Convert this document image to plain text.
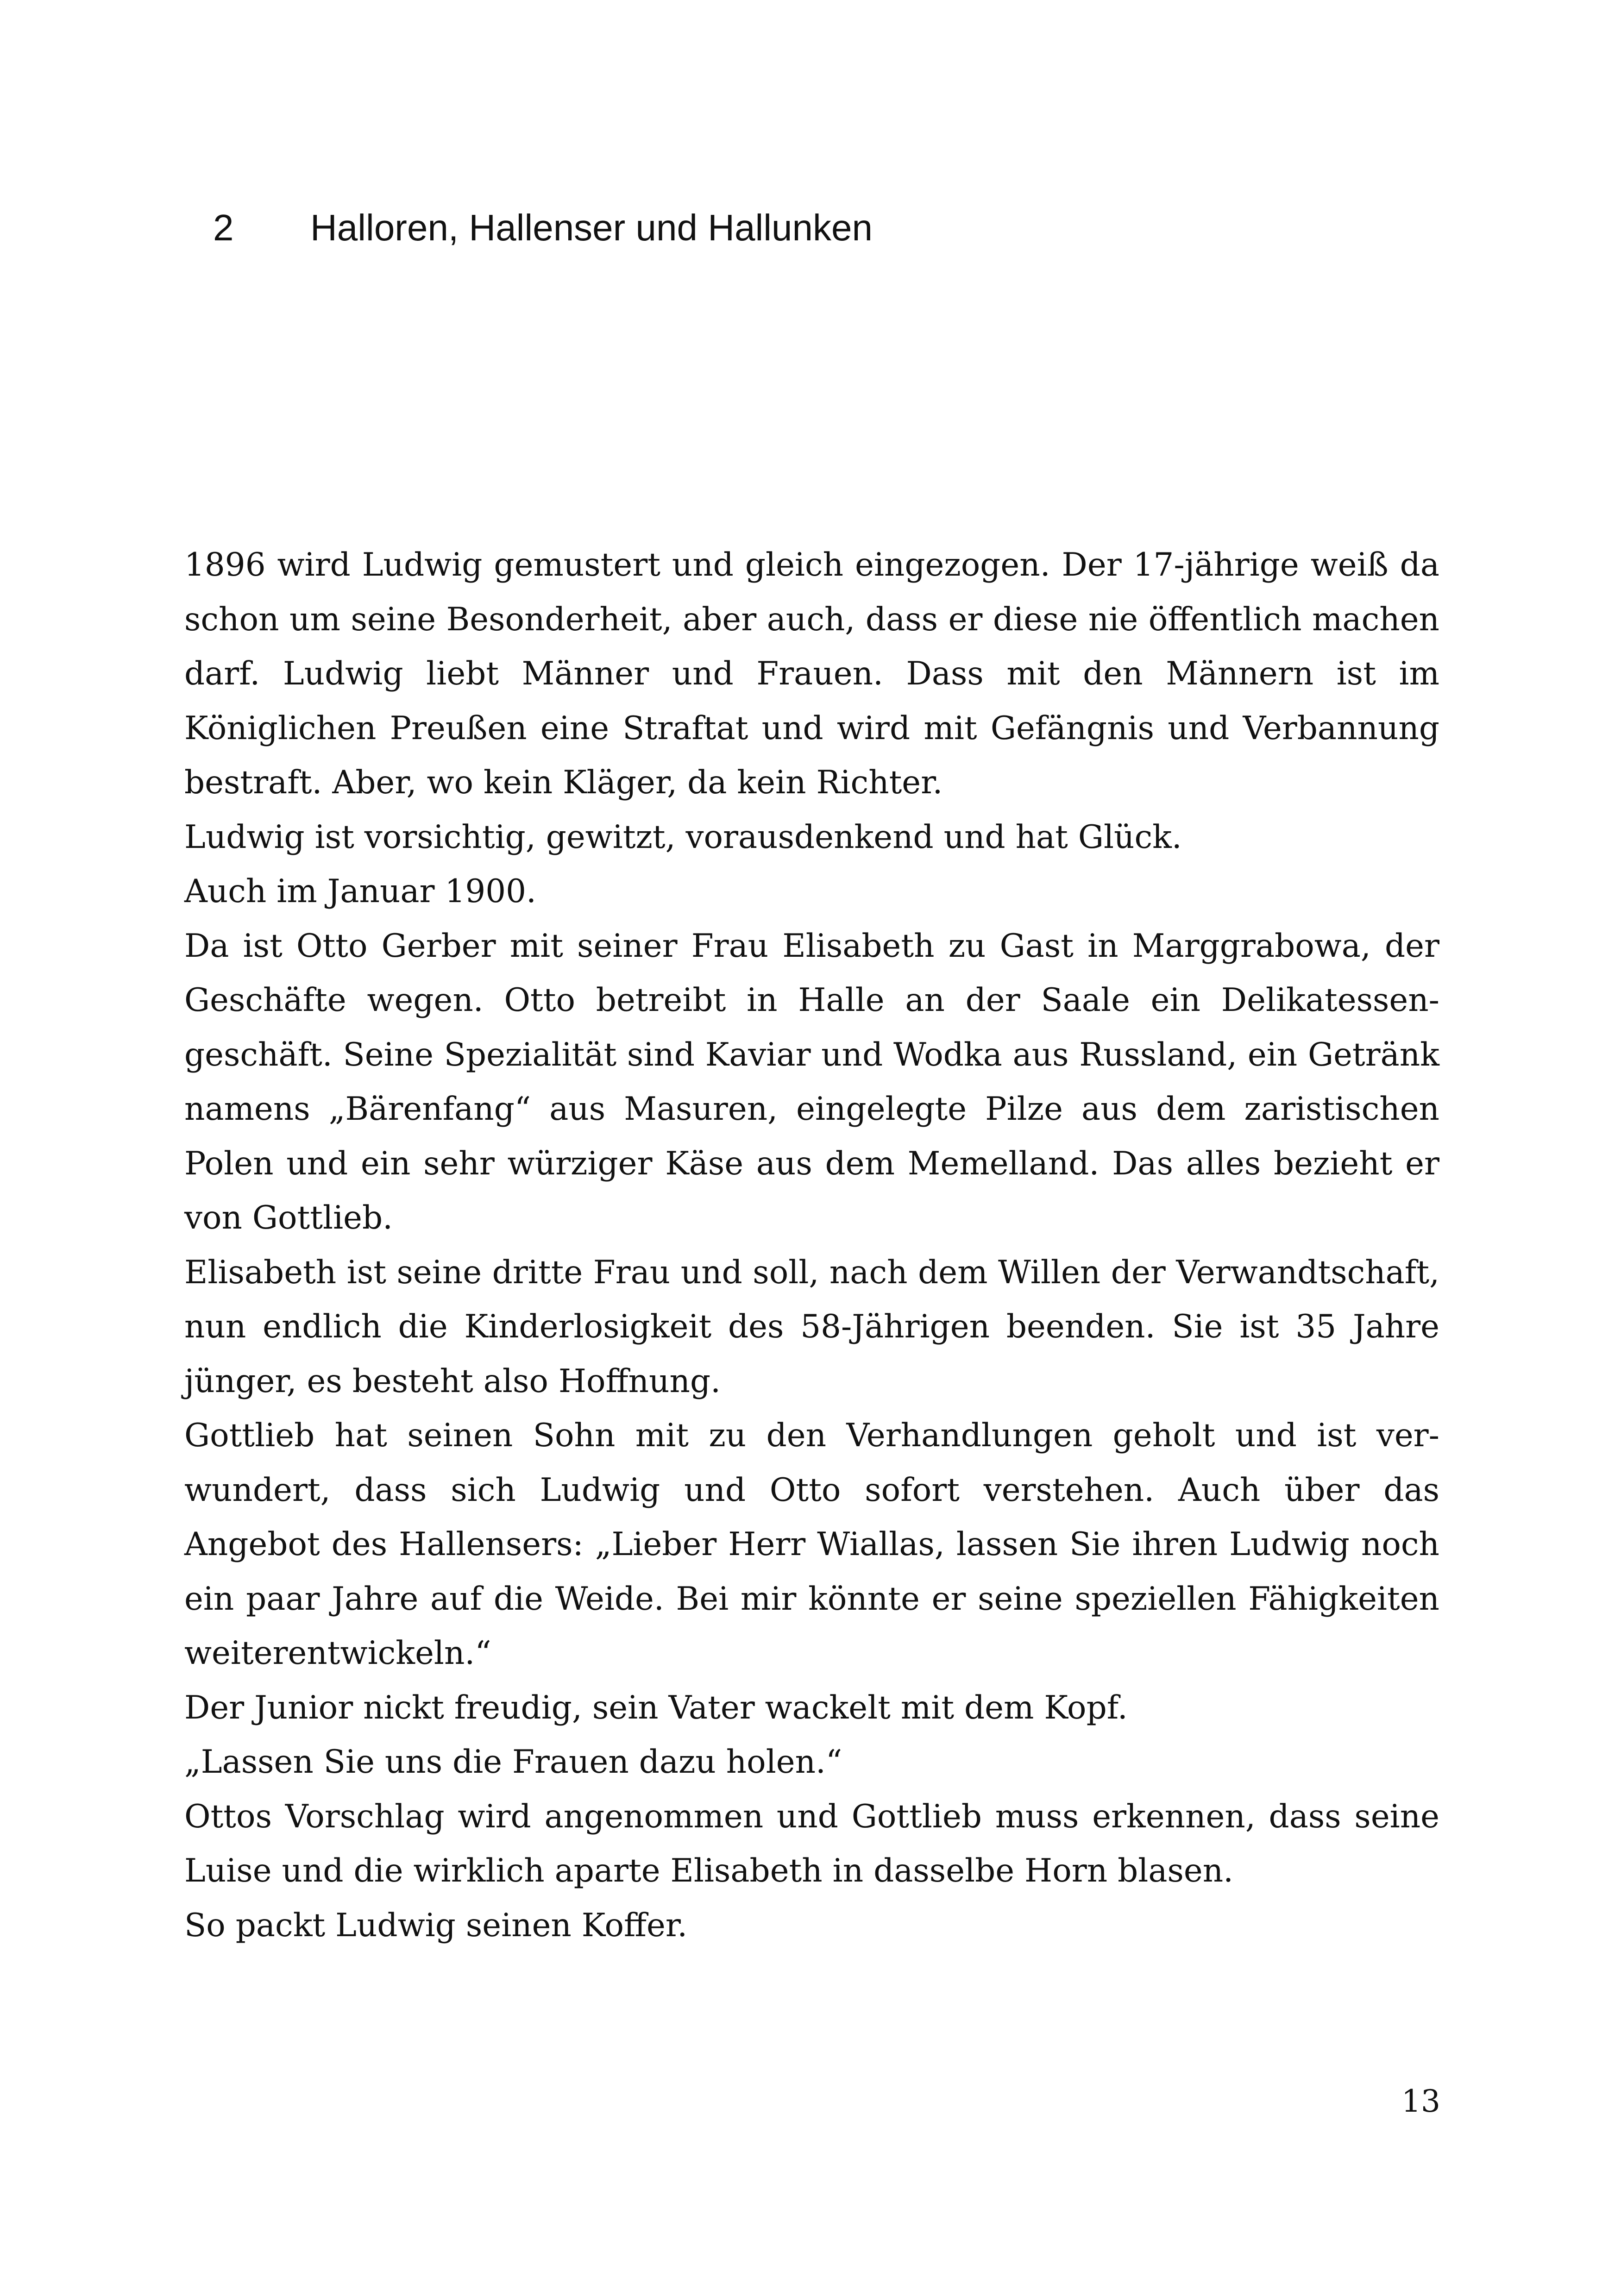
2 Halloren, Hallenser und Hallunken

1896 wird Ludwig gemustert und gleich eingezogen. Der 17-jährige weiß da schon um seine Besonderheit, aber auch, dass er diese nie öffentlich machen darf. Ludwig liebt Männer und Frauen. Dass mit den Männern ist im Königlichen Preußen eine Straftat und wird mit Gefängnis und Verbannung bestraft. Aber, wo kein Kläger, da kein Richter.

Ludwig ist vorsichtig, gewitzt, vorausdenkend und hat Glück.

Auch im Januar 1900.

Da ist Otto Gerber mit seiner Frau Elisabeth zu Gast in Marggrabowa, der Geschäfte wegen. Otto betreibt in Halle an der Saale ein Delikatessengeschäft. Seine Spezialität sind Kaviar und Wodka aus Russland, ein Getränk namens „Bärenfang“ aus Masuren, eingelegte Pilze aus dem zaristischen Polen und ein sehr würziger Käse aus dem Memelland. Das alles bezieht er von Gottlieb.

Elisabeth ist seine dritte Frau und soll, nach dem Willen der Verwandtschaft, nun endlich die Kinderlosigkeit des 58-Jährigen beenden. Sie ist 35 Jahre jünger, es besteht also Hoffnung.

Gottlieb hat seinen Sohn mit zu den Verhandlungen geholt und ist verwundert, dass sich Ludwig und Otto sofort verstehen. Auch über das Angebot des Hallensers: „Lieber Herr Wiallas, lassen Sie ihren Ludwig noch ein paar Jahre auf die Weide. Bei mir könnte er seine speziellen Fähigkeiten weiterentwickeln.“

Der Junior nickt freudig, sein Vater wackelt mit dem Kopf.

„Lassen Sie uns die Frauen dazu holen.“

Ottos Vorschlag wird angenommen und Gottlieb muss erkennen, dass seine Luise und die wirklich aparte Elisabeth in dasselbe Horn blasen.

So packt Ludwig seinen Koffer.

13
